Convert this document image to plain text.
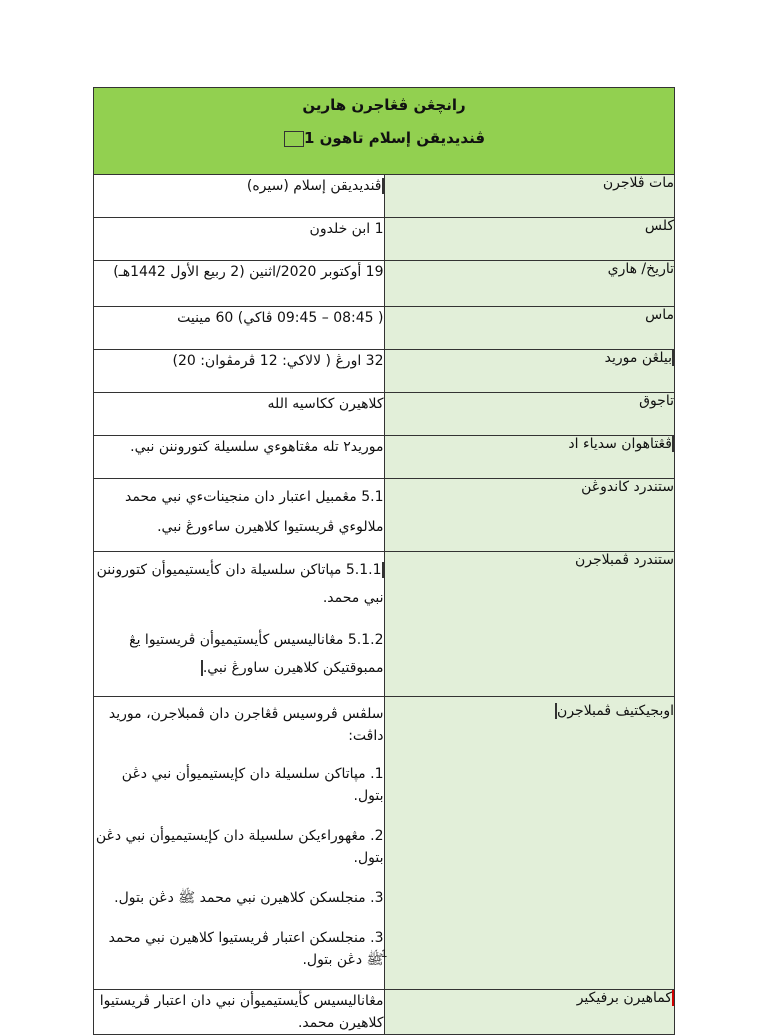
رانچڠن ڤڠاجرن هارين
ڤنديديقن إسلام تاهون 1	

مات ڤلاجرن	ڤنديديقن إسلام (سيره)
كلس	1 ابن خلدون
تاريخ/ هاري	19 أوكتوبر 2020/اثنين (2 ربيع الأول 1442هـ)
ماس	( 08:45 – 09:45 ڤاكي) 60 مينيت
بيلڠن موريد	32 اورڠ ( لالاكي: 12 ڤرمڤوان: 20)
تاجوق	كلاهيرن ككاسيه الله
ڤڠتاهوان سدياء اد	موريد٢ تله مڠتاهوءي سلسيلة كتوروننن نبي.
ستندرد كاندوڠن	5.1 مڠمبيل اعتبار دان منجيناتءي نبي محمد ملالوءي ڤريستيوا كلاهيرن ساءورڠ نبي.
ستندرد ڤمبلاجرن	5.1.1 مڽاتاكن سلسيلة دان كأيستيميوأن كتوروننن نبي محمد.
5.1.2 مڠاناليسيس كأيستيميوأن ڤريستيوا يڠ ممبوقتيكن كلاهيرن ساورڠ نبي.

اوبجيكتيف ڤمبلاجرن	سلڤس ڤروسيس ڤڠاجرن دان ڤمبلاجرن، موريد داڤت:
1. مڽاتاكن سلسيلة دان كإيستيميوأن نبي دڠن بتول.
2. مڠهوراءيكن سلسيلة دان كإيستيميوأن نبي دڠن بتول.
3. منجلسكن كلاهيرن نبي محمد ﷺ دڠن بتول.
3. منجلسكن اعتبار ڤريستيوا كلاهيرن نبي محمد ﷺ دڠن بتول.

كماهيرن برفيكير	مڠاناليسيس كأيستيميوأن نبي دان اعتبار ڤريستيوا كلاهيرن محمد.
1
